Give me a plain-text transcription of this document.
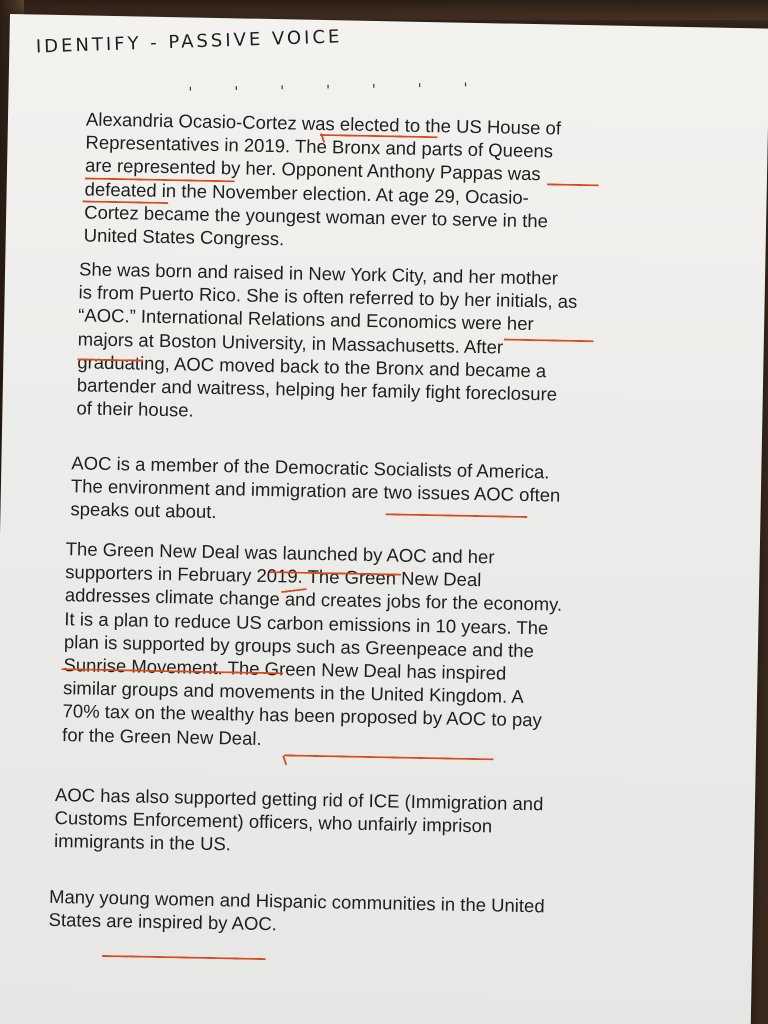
IDENTIFY - PASSIVE VOICE
'''''''
Alexandria Ocasio-Cortez was elected to the US House of
Representatives in 2019. The Bronx and parts of Queens
are represented by her. Opponent Anthony Pappas was
defeated in the November election. At age 29, Ocasio-
Cortez became the youngest woman ever to serve in the
United States Congress.
She was born and raised in New York City, and her mother
is from Puerto Rico. She is often referred to by her initials, as
“AOC.” International Relations and Economics were her
majors at Boston University, in Massachusetts. After
graduating, AOC moved back to the Bronx and became a
bartender and waitress, helping her family fight foreclosure
of their house.
AOC is a member of the Democratic Socialists of America.
The environment and immigration are two issues AOC often
speaks out about.
The Green New Deal was launched by AOC and her
supporters in February 2019. The Green New Deal
addresses climate change and creates jobs for the economy.
It is a plan to reduce US carbon emissions in 10 years. The
plan is supported by groups such as Greenpeace and the
Sunrise Movement. The Green New Deal has inspired
similar groups and movements in the United Kingdom. A
70% tax on the wealthy has been proposed by AOC to pay
for the Green New Deal.
AOC has also supported getting rid of ICE (Immigration and
Customs Enforcement) officers, who unfairly imprison
immigrants in the US.
Many young women and Hispanic communities in the United
States are inspired by AOC.
